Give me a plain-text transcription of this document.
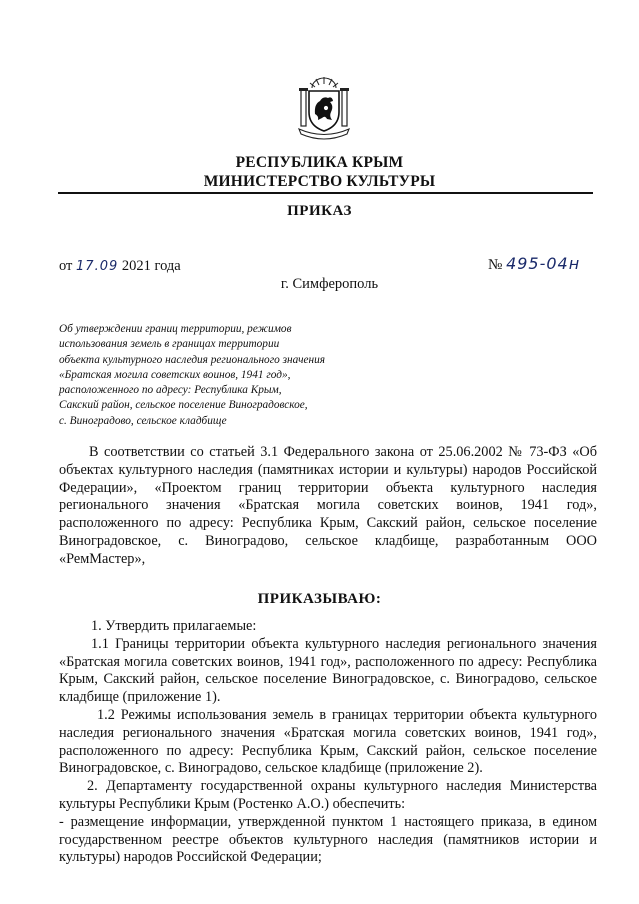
РЕСПУБЛИКА КРЫМ
МИНИСТЕРСТВО КУЛЬТУРЫ
ПРИКАЗ
от 17.09 2021 года	№ 495-04н
г. Симферополь
Об утверждении границ территории, режимов
использования земель в границах территории
объекта культурного наследия регионального значения
«Братская могила советских воинов, 1941 год»,
расположенного по адресу: Республика Крым,
Сакский район, сельское поселение Виноградовское,
с. Виноградово, сельское кладбище

В соответствии со статьей 3.1 Федерального закона от 25.06.2002 № 73-ФЗ «Об объектах культурного наследия (памятниках истории и культуры) народов Российской Федерации», «Проектом границ территории объекта культурного наследия регионального значения «Братская могила советских воинов, 1941 год», расположенного по адресу: Республика Крым, Сакский район, сельское поселение Виноградовское, с. Виноградово, сельское кладбище, разработанным ООО «РемМастер»,

ПРИКАЗЫВАЮ:

1. Утвердить прилагаемые:

1.1 Границы территории объекта культурного наследия регионального значения «Братская могила советских воинов, 1941 год», расположенного по адресу: Республика Крым, Сакский район, сельское поселение Виноградовское, с. Виноградово, сельское кладбище (приложение 1).

1.2 Режимы использования земель в границах территории объекта культурного наследия регионального значения «Братская могила советских воинов, 1941 год», расположенного по адресу: Республика Крым, Сакский район, сельское поселение Виноградовское, с. Виноградово, сельское кладбище (приложение 2).

2. Департаменту государственной охраны культурного наследия Министерства культуры Республики Крым (Ростенко А.О.) обеспечить:

- размещение информации, утвержденной пунктом 1 настоящего приказа, в едином государственном реестре объектов культурного наследия (памятников истории и культуры) народов Российской Федерации;
